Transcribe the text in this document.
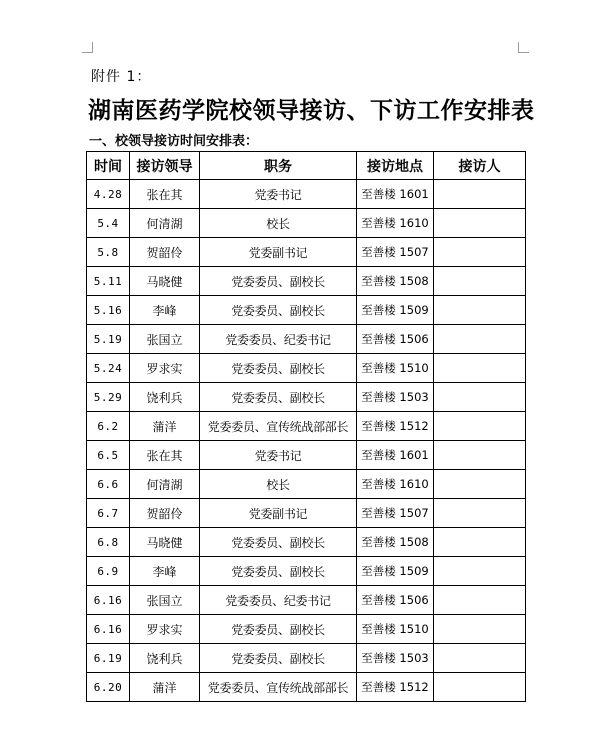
附件 1：
湖南医药学院校领导接访、下访工作安排表
一、校领导接访时间安排表：
时间	接访领导	职务	接访地点	接访人
4.28	张在其	党委书记	至善楼 1601	
5.4	何清湖	校长	至善楼 1610	
5.8	贺韶伶	党委副书记	至善楼 1507	
5.11	马晓健	党委委员、副校长	至善楼 1508	
5.16	李峰	党委委员、副校长	至善楼 1509	
5.19	张国立	党委委员、纪委书记	至善楼 1506	
5.24	罗求实	党委委员、副校长	至善楼 1510	
5.29	饶利兵	党委委员、副校长	至善楼 1503	
6.2	蒲洋	党委委员、宣传统战部部长	至善楼 1512	
6.5	张在其	党委书记	至善楼 1601	
6.6	何清湖	校长	至善楼 1610	
6.7	贺韶伶	党委副书记	至善楼 1507	
6.8	马晓健	党委委员、副校长	至善楼 1508	
6.9	李峰	党委委员、副校长	至善楼 1509	
6.16	张国立	党委委员、纪委书记	至善楼 1506	
6.16	罗求实	党委委员、副校长	至善楼 1510	
6.19	饶利兵	党委委员、副校长	至善楼 1503	
6.20	蒲洋	党委委员、宣传统战部部长	至善楼 1512	
